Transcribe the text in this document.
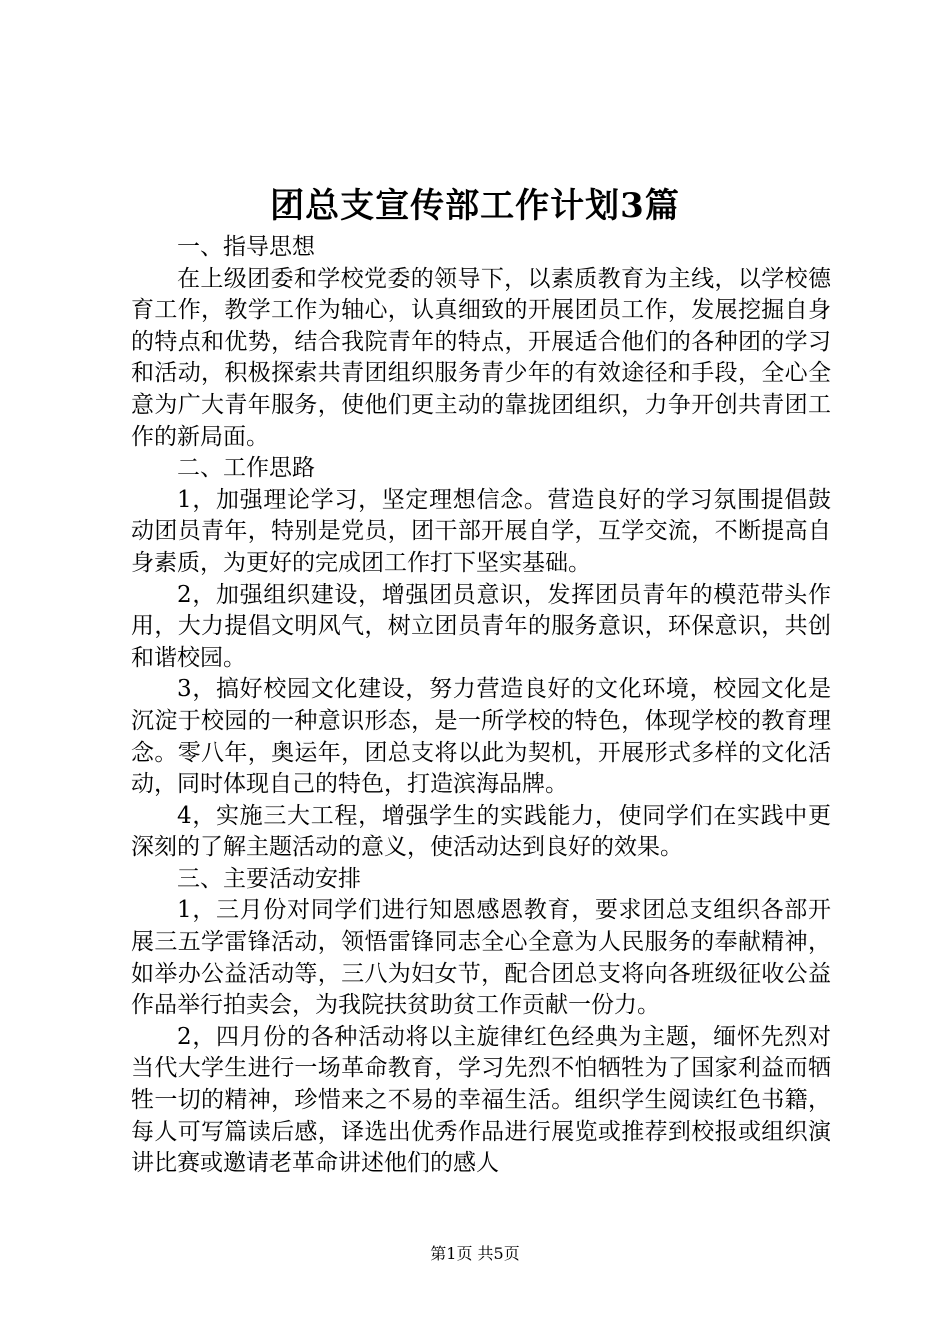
团总支宣传部工作计划3篇
一、指导思想

在上级团委和学校党委的领导下，以素质教育为主线，以学校德育工作，教学工作为轴心，认真细致的开展团员工作，发展挖掘自身的特点和优势，结合我院青年的特点，开展适合他们的各种团的学习和活动，积极探索共青团组织服务青少年的有效途径和手段，全心全意为广大青年服务，使他们更主动的靠拢团组织，力争开创共青团工作的新局面。

二、工作思路

1，加强理论学习，坚定理想信念。营造良好的学习氛围提倡鼓动团员青年，特别是党员，团干部开展自学，互学交流，不断提高自身素质，为更好的完成团工作打下坚实基础。

2，加强组织建设，增强团员意识，发挥团员青年的模范带头作用，大力提倡文明风气，树立团员青年的服务意识，环保意识，共创和谐校园。

3，搞好校园文化建设，努力营造良好的文化环境，校园文化是沉淀于校园的一种意识形态，是一所学校的特色，体现学校的教育理念。零八年，奥运年，团总支将以此为契机，开展形式多样的文化活动，同时体现自己的特色，打造滨海品牌。

4，实施三大工程，增强学生的实践能力，使同学们在实践中更深刻的了解主题活动的意义，使活动达到良好的效果。

三、主要活动安排

1，三月份对同学们进行知恩感恩教育，要求团总支组织各部开展三五学雷锋活动，领悟雷锋同志全心全意为人民服务的奉献精神，如举办公益活动等，三八为妇女节，配合团总支将向各班级征收公益作品举行拍卖会，为我院扶贫助贫工作贡献一份力。

2，四月份的各种活动将以主旋律红色经典为主题，缅怀先烈对当代大学生进行一场革命教育，学习先烈不怕牺牲为了国家利益而牺牲一切的精神，珍惜来之不易的幸福生活。组织学生阅读红色书籍，每人可写篇读后感，译选出优秀作品进行展览或推荐到校报或组织演讲比赛或邀请老革命讲述他们的感人

第1页 共5页
